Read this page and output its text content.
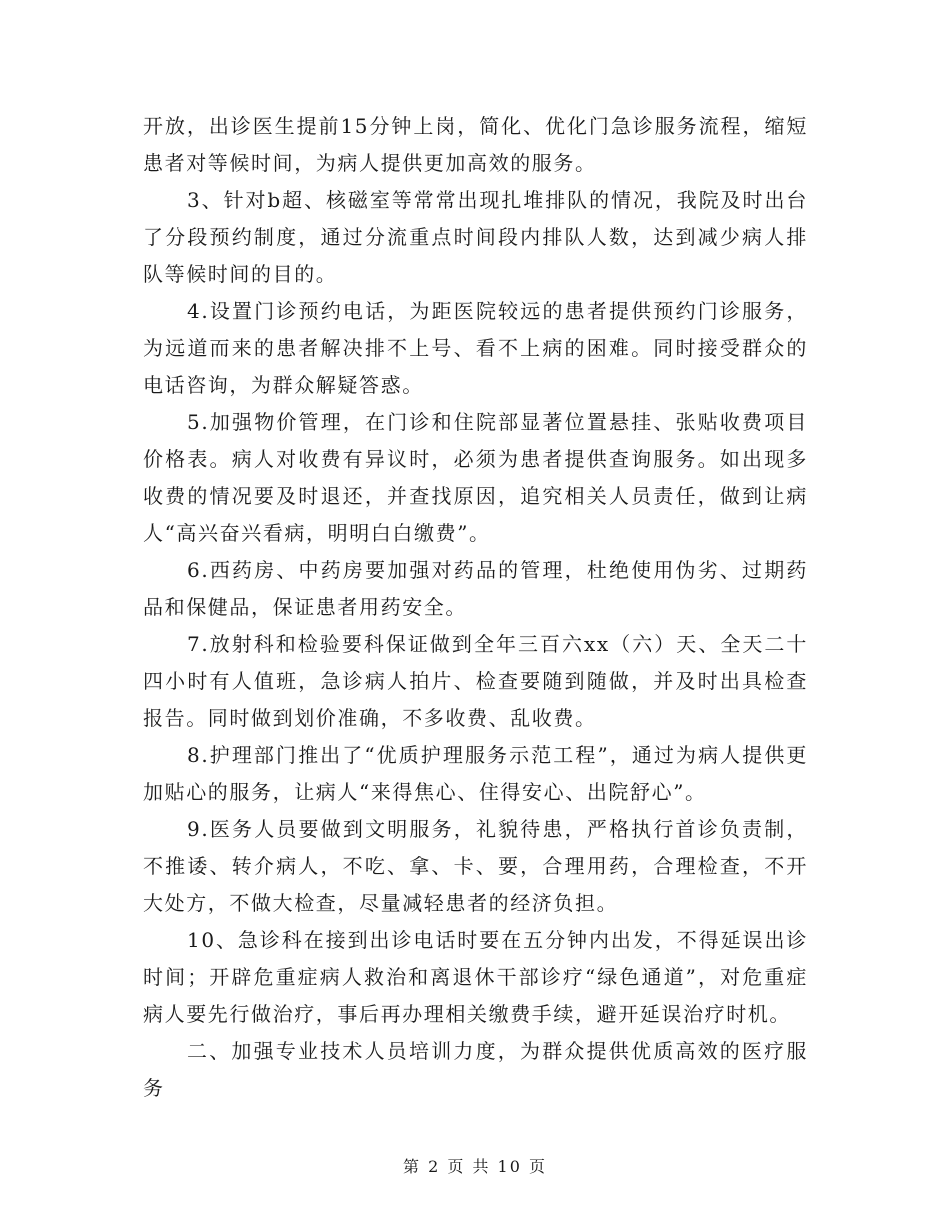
开放，出诊医生提前15分钟上岗，简化、优化门急诊服务流程，缩短患者对等候时间，为病人提供更加高效的服务。

3、针对b超、核磁室等常常出现扎堆排队的情况，我院及时出台了分段预约制度，通过分流重点时间段内排队人数，达到减少病人排队等候时间的目的。

4.设置门诊预约电话，为距医院较远的患者提供预约门诊服务，为远道而来的患者解决排不上号、看不上病的困难。同时接受群众的电话咨询，为群众解疑答惑。

5.加强物价管理，在门诊和住院部显著位置悬挂、张贴收费项目价格表。病人对收费有异议时，必须为患者提供查询服务。如出现多收费的情况要及时退还，并查找原因，追究相关人员责任，做到让病人“高兴奋兴看病，明明白白缴费”。

6.西药房、中药房要加强对药品的管理，杜绝使用伪劣、过期药品和保健品，保证患者用药安全。

7.放射科和检验要科保证做到全年三百六xx（六）天、全天二十四小时有人值班，急诊病人拍片、检查要随到随做，并及时出具检查报告。同时做到划价准确，不多收费、乱收费。

8.护理部门推出了“优质护理服务示范工程”，通过为病人提供更加贴心的服务，让病人“来得焦心、住得安心、出院舒心”。

9.医务人员要做到文明服务，礼貌待患，严格执行首诊负责制，不推诿、转介病人，不吃、拿、卡、要，合理用药，合理检查，不开大处方，不做大检查，尽量减轻患者的经济负担。

10、急诊科在接到出诊电话时要在五分钟内出发，不得延误出诊时间；开辟危重症病人救治和离退休干部诊疗“绿色通道”，对危重症病人要先行做治疗，事后再办理相关缴费手续，避开延误治疗时机。

二、加强专业技术人员培训力度，为群众提供优质高效的医疗服务

第 2 页 共 10 页
